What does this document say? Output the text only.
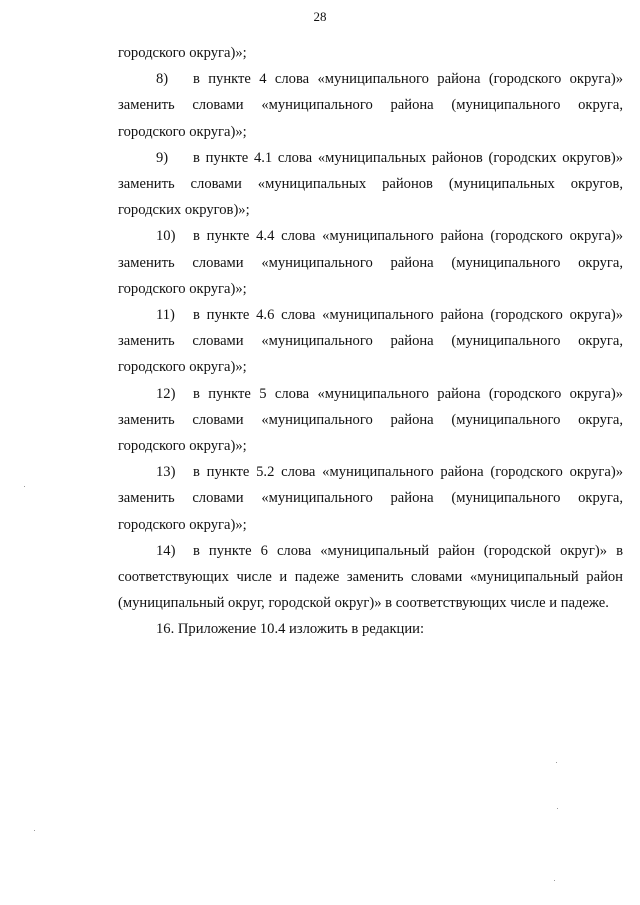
28

городского округа)»;

8) в пункте 4 слова «муниципального района (городского округа)» заменить словами «муниципального района (муниципального округа, городского округа)»;

9) в пункте 4.1 слова «муниципальных районов (городских округов)» заменить словами «муниципальных районов (муниципальных округов, городских округов)»;

10) в пункте 4.4 слова «муниципального района (городского округа)» заменить словами «муниципального района (муниципального округа, городского округа)»;

11) в пункте 4.6 слова «муниципального района (городского округа)» заменить словами «муниципального района (муниципального округа, городского округа)»;

12) в пункте 5 слова «муниципального района (городского округа)» заменить словами «муниципального района (муниципального округа, городского округа)»;

13) в пункте 5.2 слова «муниципального района (городского округа)» заменить словами «муниципального района (муниципального округа, городского округа)»;

14) в пункте 6 слова «муниципальный район (городской округ)» в соответствующих числе и падеже заменить словами «муниципальный район (муниципальный округ, городской округ)» в соответствующих числе и падеже.

16. Приложение 10.4 изложить в редакции:
